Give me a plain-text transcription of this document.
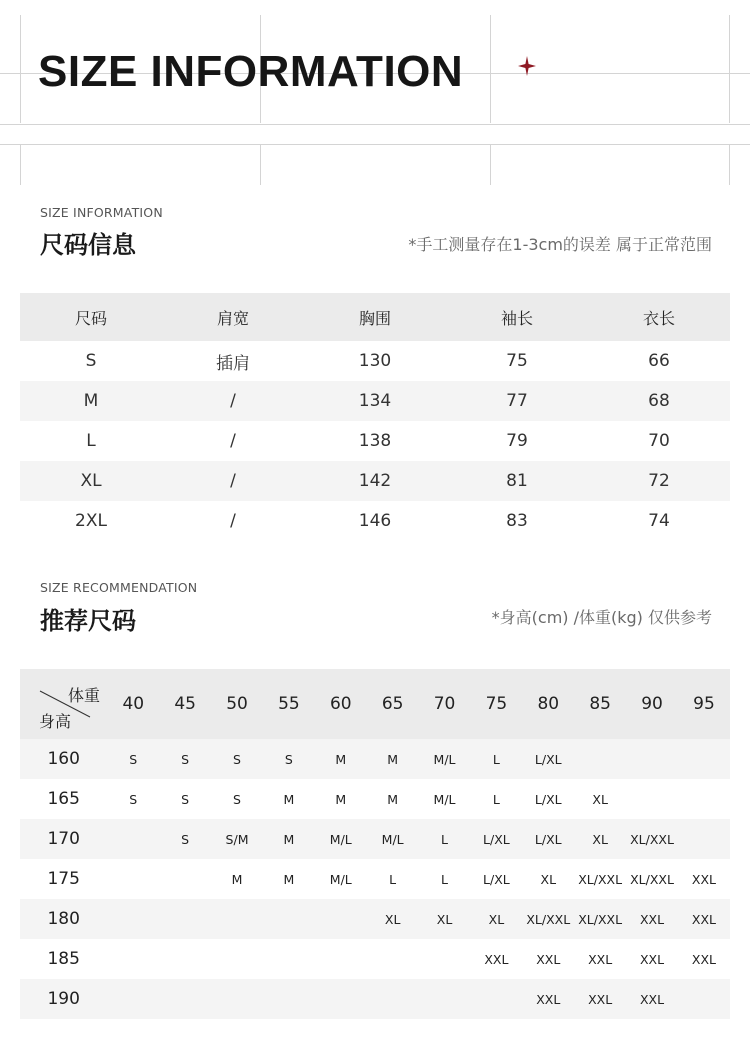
SIZE INFORMATION
SIZE INFORMATION
尺码信息	*手工测量存在1-3cm的误差 属于正常范围
尺码	肩宽	胸围	袖长	衣长
S	插肩	130	75	66
M	/	134	77	68
L	/	138	79	70
XL	/	142	81	72
2XL	/	146	83	74
SIZE RECOMMENDATION
推荐尺码	*身高(cm) /体重(kg) 仅供参考
体重
身高	40	45	50	55	60	65	70	75	80	85	90	95
160	S	S	S	S	M	M	M/L	L	L/XL			
165	S	S	S	M	M	M	M/L	L	L/XL	XL		
170		S	S/M	M	M/L	M/L	L	L/XL	L/XL	XL	XL/XXL	
175			M	M	M/L	L	L	L/XL	XL	XL/XXL	XL/XXL	XXL
180						XL	XL	XL	XL/XXL	XL/XXL	XXL	XXL
185								XXL	XXL	XXL	XXL	XXL
190									XXL	XXL	XXL	
